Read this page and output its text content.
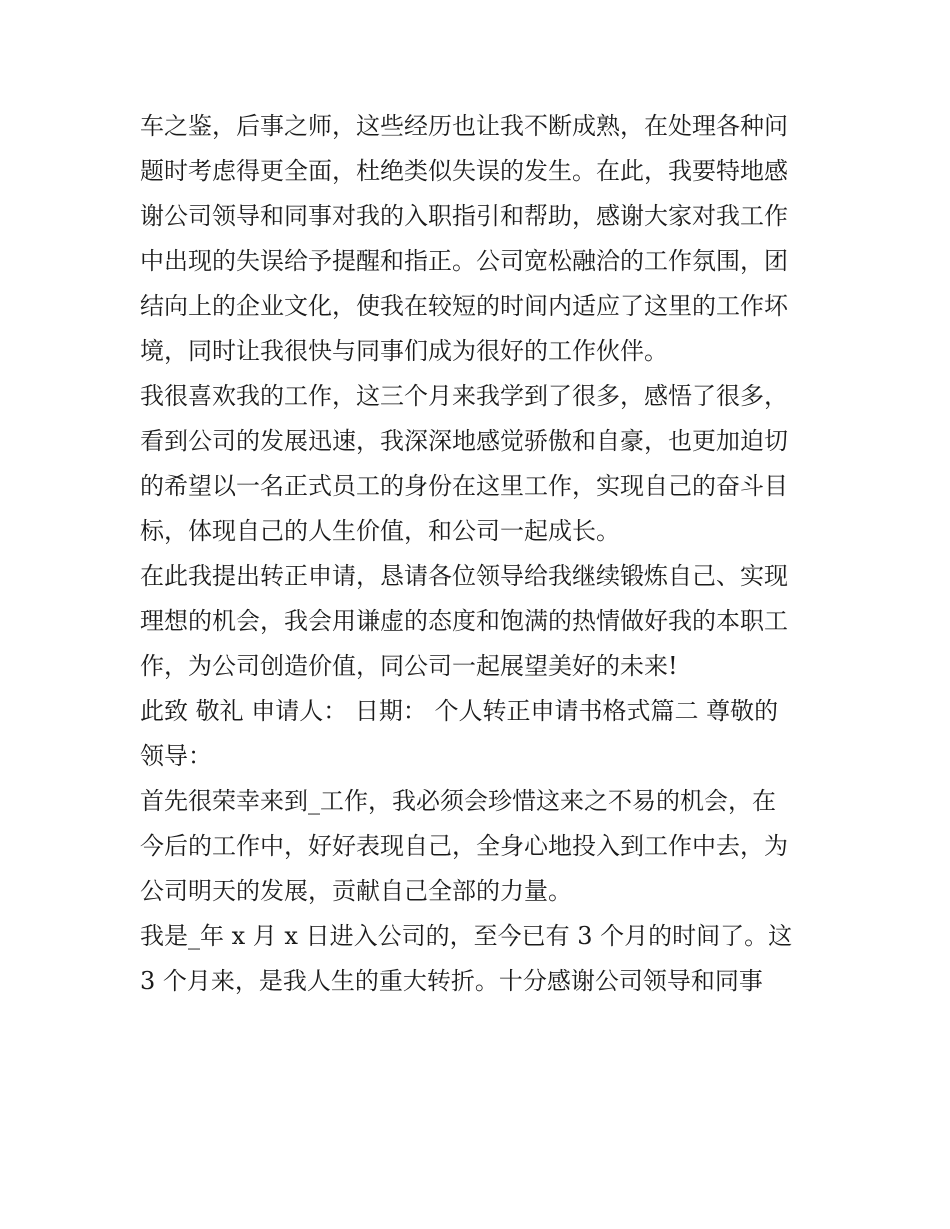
车之鉴，后事之师，这些经历也让我不断成熟，在处理各种问

题时考虑得更全面，杜绝类似失误的发生。在此，我要特地感

谢公司领导和同事对我的入职指引和帮助，感谢大家对我工作

中出现的失误给予提醒和指正。公司宽松融洽的工作氛围，团

结向上的企业文化，使我在较短的时间内适应了这里的工作坏

境，同时让我很快与同事们成为很好的工作伙伴。

我很喜欢我的工作，这三个月来我学到了很多，感悟了很多，

看到公司的发展迅速，我深深地感觉骄傲和自豪，也更加迫切

的希望以一名正式员工的身份在这里工作，实现自己的奋斗目

标，体现自己的人生价值，和公司一起成长。

在此我提出转正申请，恳请各位领导给我继续锻炼自己、实现

理想的机会，我会用谦虚的态度和饱满的热情做好我的本职工

作，为公司创造价值，同公司一起展望美好的未来!

此致 敬礼 申请人： 日期： 个人转正申请书格式篇二 尊敬的

领导：

首先很荣幸来到_工作，我必须会珍惜这来之不易的机会，在

今后的工作中，好好表现自己，全身心地投入到工作中去，为

公司明天的发展，贡献自己全部的力量。

我是_年 x 月 x 日进入公司的，至今已有 3 个月的时间了。这

3 个月来，是我人生的重大转折。十分感谢公司领导和同事
